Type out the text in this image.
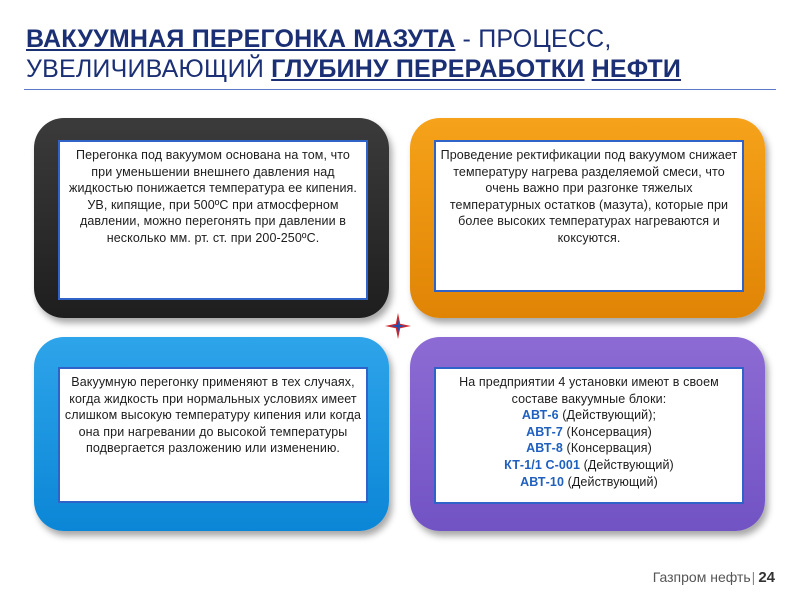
ВАКУУМНАЯ ПЕРЕГОНКА МАЗУТА - ПРОЦЕСС,
УВЕЛИЧИВАЮЩИЙ ГЛУБИНУ ПЕРЕРАБОТКИ НЕФТИ

Перегонка под вакуумом основана на том, что при уменьшении внешнего давления над жидкостью понижается температура ее кипения.

УВ, кипящие, при 500ºС при атмосферном давлении, можно перегонять при давлении в несколько мм. рт. ст. при 200-250ºС.

Проведение ректификации под вакуумом снижает температуру нагрева разделяемой смеси, что очень важно при разгонке тяжелых температурных остатков (мазута), которые при более высоких температурах нагреваются и коксуются.

Вакуумную перегонку применяют в тех случаях, когда жидкость при нормальных условиях имеет слишком высокую температуру кипения или когда она при нагревании до высокой температуры подвергается разложению или изменению.

На предприятии 4 установки имеют в своем составе вакуумные блоки:

АВТ-6 (Действующий);

АВТ-7 (Консервация)

АВТ-8 (Консервация)

КТ-1/1 С-001 (Действующий)

АВТ-10 (Действующий)

Газпром нефть| 24
